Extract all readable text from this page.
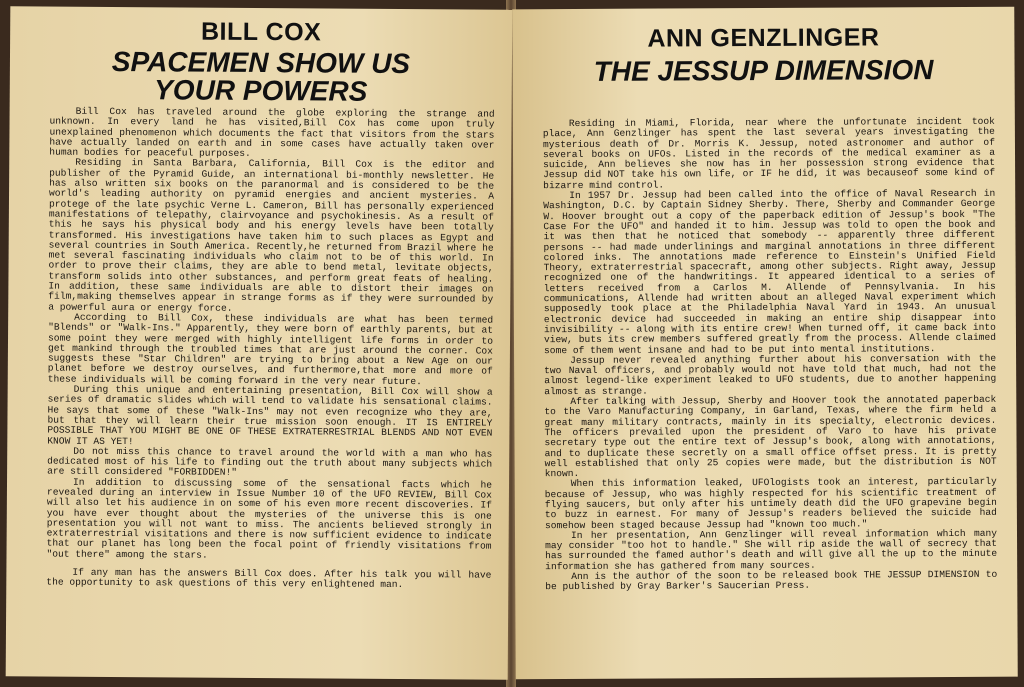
BILL COX
SPACEMEN SHOW US
YOUR POWERS

Bill Cox has traveled around the globe exploring the strange and unknown. In every land he has visited,Bill Cox has come upon truly unexplained phenomenon which documents the fact that visitors from the stars have actually landed on earth and in some cases have actually taken over human bodies for peaceful purposes.

Residing in Santa Barbara, California, Bill Cox is the editor and publisher of the Pyramid Guide, an international bi-monthly newsletter. He has also written six books on the paranormal and is considered to be the world's leading authority on pyramid energies and ancient mysteries. A protege of the late psychic Verne L. Cameron, Bill has personally experienced manifestations of telepathy, clairvoyance and psychokinesis. As a result of this he says his physical body and his energy levels have been totally transformed. His investigations have taken him to such places as Egypt and several countries in South America. Recently,he returned from Brazil where he met several fascinating individuals who claim not to be of this world. In order to prove their claims, they are able to bend metal, levitate objects, transform solids into other substances, and perform great feats of healing. In addition, these same individuals are able to distort their images on film,making themselves appear in strange forms as if they were surrounded by a powerful aura or energy force.

According to Bill Cox, these individuals are what has been termed "Blends" or "Walk-Ins." Apparently, they were born of earthly parents, but at some point they were merged with highly intelligent life forms in order to get mankind through the troubled times that are just around the corner. Cox suggests these "Star Children" are trying to bring about a New Age on our planet before we destroy ourselves, and furthermore,that more and more of these individuals will be coming forward in the very near future.

During this unique and entertaining presentation, Bill Cox will show a series of dramatic slides which will tend to validate his sensational claims. He says that some of these "Walk-Ins" may not even recognize who they are, but that they will learn their true mission soon enough. IT IS ENTIRELY POSSIBLE THAT YOU MIGHT BE ONE OF THESE EXTRATERRESTRIAL BLENDS AND NOT EVEN KNOW IT AS YET!

Do not miss this chance to travel around the world with a man who has dedicated most of his life to finding out the truth about many subjects which are still considered "FORBIDDEN!"

In addition to discussing some of the sensational facts which he revealed during an interview in Issue Number 10 of the UFO REVIEW, Bill Cox will also let his audience in on some of his even more recent discoveries. If you have ever thought about the mysteries of the universe this is one presentation you will not want to miss. The ancients believed strongly in extraterrestrial visitations and there is now sufficient evidence to indicate that our planet has long been the focal point of friendly visitations from "out there" among the stars.

If any man has the answers Bill Cox does. After his talk you will have the opportunity to ask questions of this very enlightened man.

ANN GENZLINGER
THE JESSUP DIMENSION

Residing in Miami, Florida, near where the unfortunate incident took place, Ann Genzlinger has spent the last several years investigating the mysterious death of Dr. Morris K. Jessup, noted astronomer and author of several books on UFOs. Listed in the records of the medical examiner as a suicide, Ann believes she now has in her possession strong evidence that Jessup did NOT take his own life, or IF he did, it was becauseof some kind of bizarre mind control.

In 1957 Dr. Jessup had been called into the office of Naval Research in Washington, D.C. by Captain Sidney Sherby. There, Sherby and Commander George W. Hoover brought out a copy of the paperback edition of Jessup's book "The Case For the UFO" and handed it to him. Jessup was told to open the book and it was then that he noticed that somebody -- apparently three different persons -- had made underlinings and marginal annotations in three different colored inks. The annotations made reference to Einstein's Unified Field Theory, extraterrestrial spacecraft, among other subjects. Right away, Jessup recognized one of the handwritings. It appeared identical to a series of letters received from a Carlos M. Allende of Pennsylvania. In his communications, Allende had written about an alleged Naval experiment which supposedly took place at the Philadelphia Naval Yard in 1943. An unusual electronic device had succeeded in making an entire ship disappear into invisibility -- along with its entire crew! When turned off, it came back into view, buts its crew members suffered greatly from the process. Allende claimed some of them went insane and had to be put into mental institutions.

Jessup never revealed anything further about his conversation with the two Naval officers, and probably would not have told that much, had not the almost legend-like experiment leaked to UFO students, due to another happening almost as strange.

After talking with Jessup, Sherby and Hoover took the annotated paperback to the Varo Manufacturing Company, in Garland, Texas, where the firm held a great many military contracts, mainly in its specialty, electronic devices. The officers prevailed upon the president of Varo to have his private secretary type out the entire text of Jessup's book, along with annotations, and to duplicate these secretly on a small office offset press. It is pretty well established that only 25 copies were made, but the distribution is NOT known.

When this information leaked, UFOlogists took an interest, particularly because of Jessup, who was highly respected for his scientific treatment of flying saucers, but only after his untimely death did the UFO grapevine begin to buzz in earnest. For many of Jessup's readers believed the suicide had somehow been staged because Jessup had "known too much."

In her presentation, Ann Genzlinger will reveal information which many may consider "too hot to handle." She will rip aside the wall of secrecy that has surrounded the famed author's death and will give all the up to the minute information she has gathered from many sources.

Ann is the author of the soon to be released book THE JESSUP DIMENSION to be published by Gray Barker's Saucerian Press.
